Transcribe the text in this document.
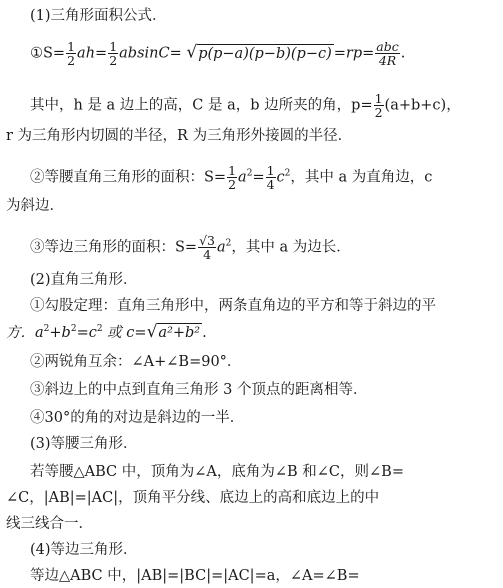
(1)三角形面积公式．
①S= $\frac{1}{2} ah= \frac{1}{2} absinC= √p(p-a)(p-b)(p-c) =rp= \frac{\text{abc}}{4R}$ .
其中，h 是 a 边上的高，C 是 a，b 边所夹的角，$p= \frac{1}{2} (a+b+c)$，
r 为三角形内切圆的半径，R 为三角形外接圆的半径．
②等腰直角三角形的面积：$S= \frac{1}{2} a^2= \frac{1}{4} c^2$，其中 a 为直角边，c
为斜边．
③等边三角形的面积：$S= \frac{√3}{4} a^2$，其中 a 为边长．
(2)直角三角形．
①勾股定理：直角三角形中，两条直角边的平方和等于斜边的平
方．$a^2+b^2=c^2$ 或 c=√a²+b² .
②两锐角互余：∠A+∠B=90°．
③斜边上的中点到直角三角形 3 个顶点的距离相等．
④30°的角的对边是斜边的一半．
(3)等腰三角形．
若等腰△ABC 中，顶角为∠A，底角为∠B 和∠C，则∠B=
∠C，|AB|=|AC|，顶角平分线、底边上的高和底边上的中
线三线合一．
(4)等边三角形．
等边△ABC 中，|AB|=|BC|=|AC|=a，∠A=∠B=
